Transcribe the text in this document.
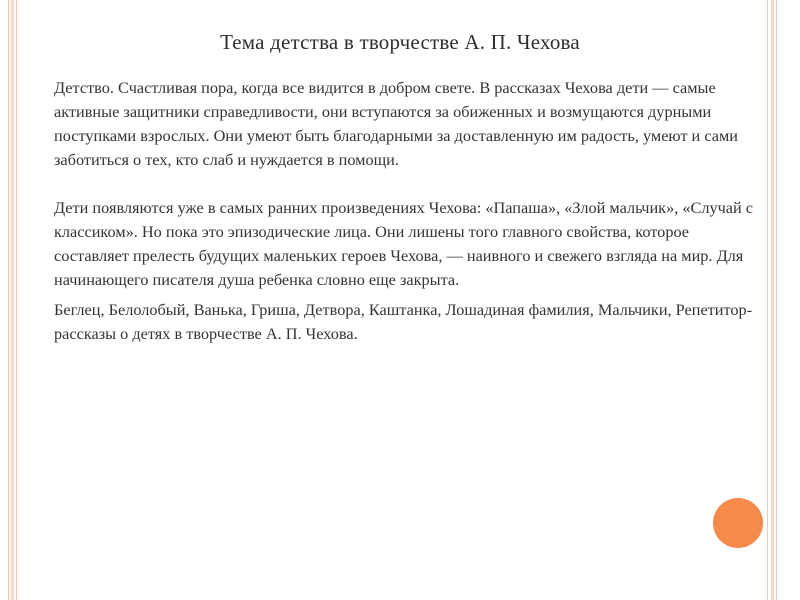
Тема детства в творчестве А. П. Чехова

Детство. Счастливая пора, когда все видится в добром свете. В рассказах Чехова дети — самые активные защитники справедливости, они вступаются за обиженных и возмущаются дурными поступками взрослых. Они умеют быть благодарными за доставленную им радость, умеют и сами заботиться о тех, кто слаб и нуждается в помощи.

Дети появляются уже в самых ранних произведениях Чехова: «Папаша», «Злой мальчик», «Случай с классиком». Но пока это эпизодические лица. Они лишены того главного свойства, которое составляет прелесть будущих маленьких героев Чехова, — наивного и свежего взгляда на мир. Для начинающего писателя душа ребенка словно еще закрыта.

Беглец, Белолобый, Ванька, Гриша, Детвора, Каштанка, Лошадиная фамилия, Мальчики, Репетитор- рассказы о детях в творчестве А. П. Чехова.
